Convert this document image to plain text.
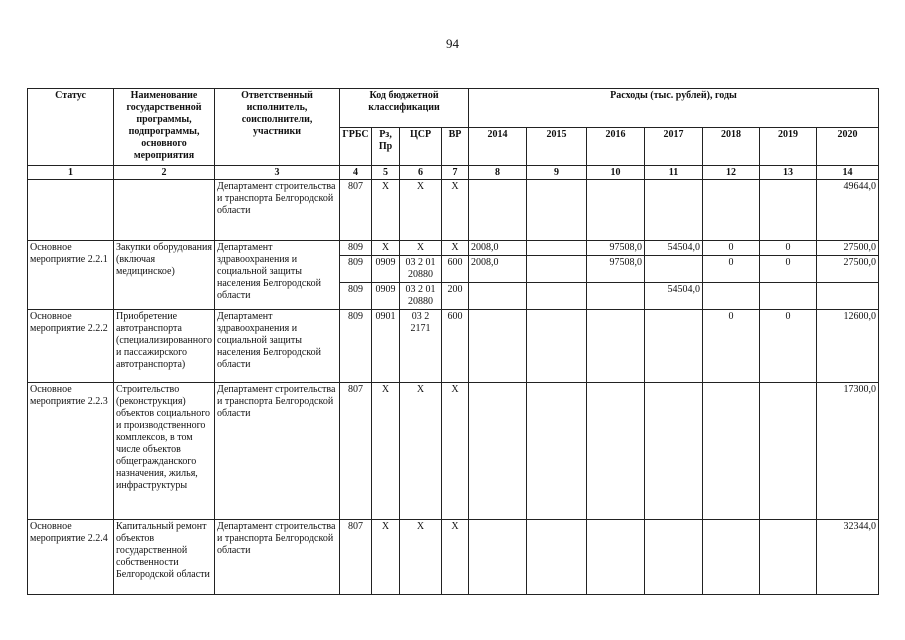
94
Статус	Наименование государственной программы, подпрограммы, основного мероприятия	Ответственный исполнитель, соисполнители, участники	Код бюджетной классификации				Расходы (тыс. рублей), годы						
			ГРБС	Рз, Пр	ЦСР	ВР	2014	2015	2016	2017	2018	2019	2020
1	2	3	4	5	6	7	8	9	10	11	12	13	14
		Департамент строительства и транспорта Белгородской области	807	Х	Х	Х							49644,0
Основное мероприятие 2.2.1	Закупки оборудования (включая медицинское)	Департамент здравоохранения и социальной защиты населения Белгородской области	809	Х	Х	Х	2008,0		97508,0	54504,0	0	0	27500,0
			809	0909	03 2 01 20880	600	2008,0		97508,0		0	0	27500,0
			809	0909	03 2 01 20880	200				54504,0			
Основное мероприятие 2.2.2	Приобретение автотранспорта (специализированного и пассажирского автотранспорта)	Департамент здравоохранения и социальной защиты населения Белгородской области	809	0901	03 2 2171	600					0	0	12600,0
Основное мероприятие 2.2.3	Строительство (реконструкция) объектов социального и производственного комплексов, в том числе объектов общегражданского назначения, жилья, инфраструктуры	Департамент строительства и транспорта Белгородской области	807	Х	Х	Х							17300,0
Основное мероприятие 2.2.4	Капитальный ремонт объектов государственной собственности Белгородской области	Департамент строительства и транспорта Белгородской области	807	Х	Х	Х							32344,0
